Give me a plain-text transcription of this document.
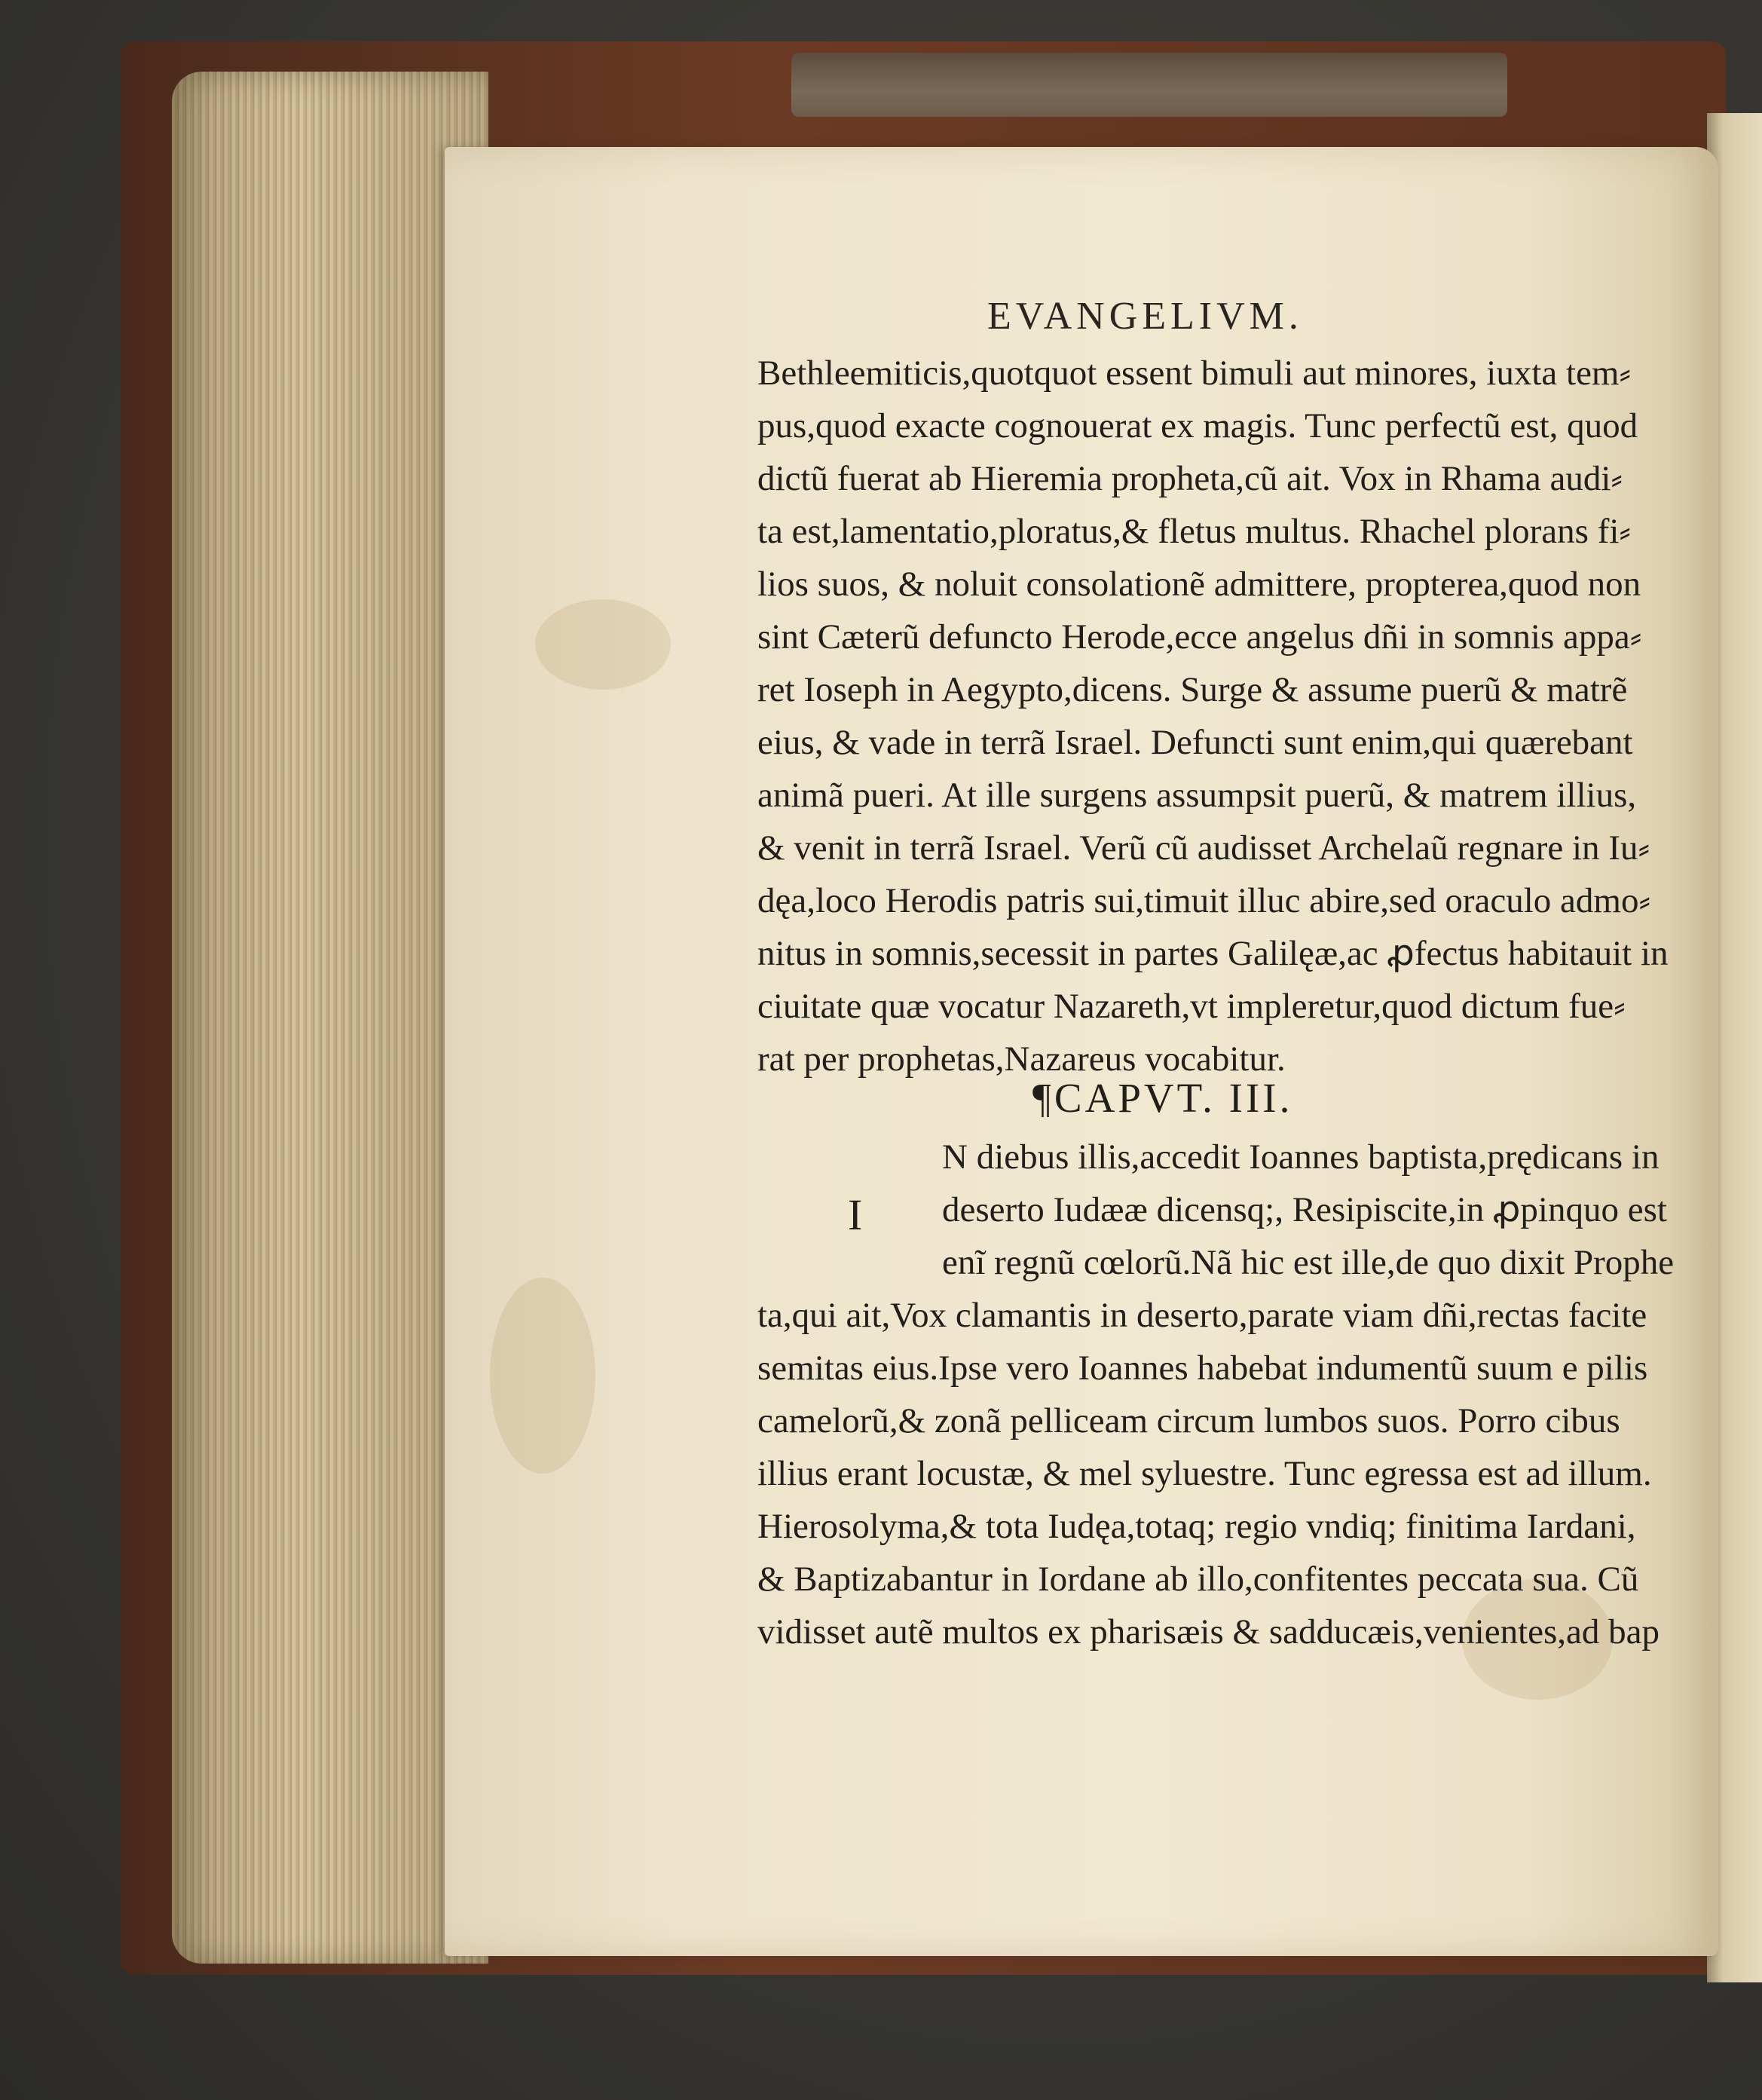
EVANGELIVM.
Bethleemiticis,quotquot essent bimuli aut minores, iuxta tem⸗
pus,quod exacte cognouerat ex magis. Tunc perfectũ est, quod
dictũ fuerat ab Hieremia propheta,cũ ait. Vox in Rhama audi⸗
ta est,lamentatio,ploratus,& fletus multus. Rhachel plorans fi⸗
lios suos, & noluit consolationẽ admittere, propterea,quod non
sint Cæterũ defuncto Herode,ecce angelus dñi in somnis appa⸗
ret Ioseph in Aegypto,dicens. Surge & assume puerũ & matrẽ
eius, & vade in terrã Israel. Defuncti sunt enim,qui quærebant
animã pueri. At ille surgens assumpsit puerũ, & matrem illius,
& venit in terrã Israel. Verũ cũ audisset Archelaũ regnare in Iu⸗
dęa,loco Herodis patris sui,timuit illuc abire,sed oraculo admo⸗
nitus in somnis,secessit in partes Galilęæ,ac ꝓfectus habitauit in
ciuitate quæ vocatur Nazareth,vt impleretur,quod dictum fue⸗
rat per prophetas,Nazareus vocabitur.
¶CAPVT. III.
I
N diebus illis,accedit Ioannes baptista,prędicans in
deserto Iudææ dicensq;, Resipiscite,in ꝓpinquo est
enĩ regnũ cœlorũ.Nã hic est ille,de quo dixit Prophe
ta,qui ait,Vox clamantis in deserto,parate viam dñi,rectas facite
semitas eius.Ipse vero Ioannes habebat indumentũ suum e pilis
camelorũ,& zonã pelliceam circum lumbos suos. Porro cibus
illius erant locustæ, & mel syluestre. Tunc egressa est ad illum.
Hierosolyma,& tota Iudęa,totaq; regio vndiq; finitima Iardani,
& Baptizabantur in Iordane ab illo,confitentes peccata sua. Cũ
vidisset autẽ multos ex pharisæis & sadducæis,venientes,ad bap
